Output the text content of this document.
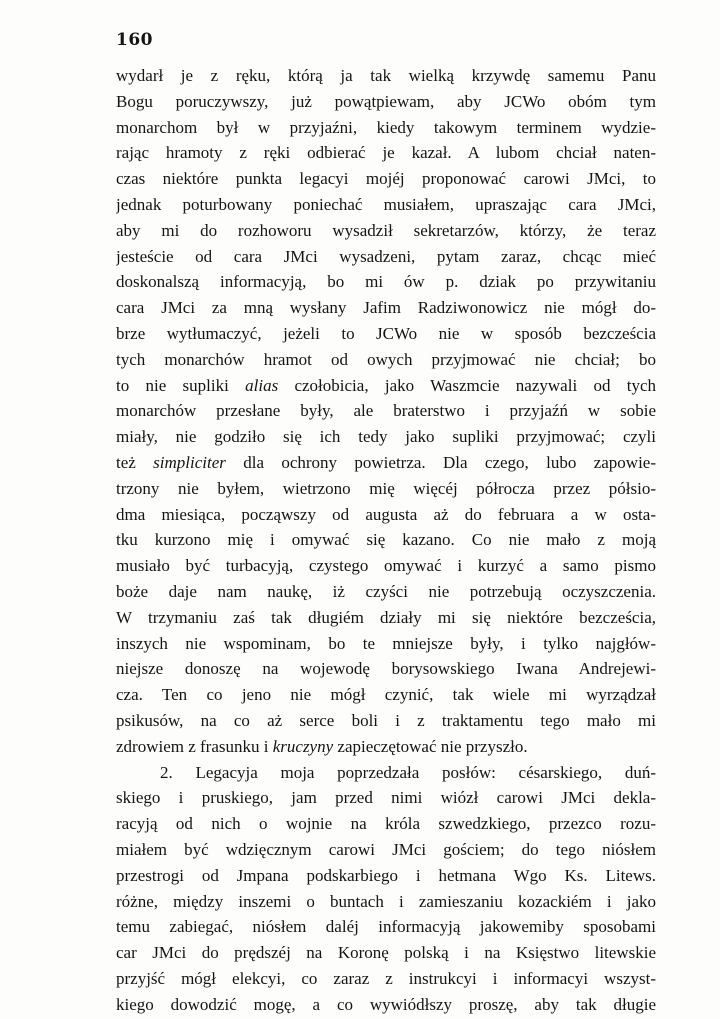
160
wydarł je z ręku, którą ja tak wielką krzywdę samemu Panu
Bogu poruczywszy, już powątpiewam, aby JCWo obóm tym
monarchom był w przyjaźni, kiedy takowym terminem wydzie-
rając hramoty z ręki odbierać je kazał. A lubom chciał naten-
czas niektóre punkta legacyi mojéj proponować carowi JMci, to
jednak poturbowany poniechać musiałem, upraszając cara JMci,
aby mi do rozhoworu wysadził sekretarzów, którzy, że teraz
jesteście od cara JMci wysadzeni, pytam zaraz, chcąc mieć
doskonalszą informacyją, bo mi ów p. dziak po przywitaniu
cara JMci za mną wysłany Jafim Radziwonowicz nie mógł do-
brze wytłumaczyć, jeżeli to JCWo nie w sposób bezcześcia
tych monarchów hramot od owych przyjmować nie chciał; bo
to nie supliki alias czołobicia, jako Waszmcie nazywali od tych
monarchów przesłane były, ale braterstwo i przyjaźń w sobie
miały, nie godziło się ich tedy jako supliki przyjmować; czyli
też simpliciter dla ochrony powietrza. Dla czego, lubo zapowie-
trzony nie byłem, wietrzono mię więcéj półrocza przez półsio-
dma miesiąca, począwszy od augusta aż do februara a w osta-
tku kurzono mię i omywać się kazano. Co nie mało z moją
musiało być turbacyją, czystego omywać i kurzyć a samo pismo
boże daje nam naukę, iż czyści nie potrzebują oczyszczenia.
W trzymaniu zaś tak długiém działy mi się niektóre bezcześcia,
inszych nie wspominam, bo te mniejsze były, i tylko najgłów-
niejsze donoszę na wojewodę borysowskiego Iwana Andrejewi-
cza. Ten co jeno nie mógł czynić, tak wiele mi wyrządzał
psikusów, na co aż serce boli i z traktamentu tego mało mi
zdrowiem z frasunku i kruczyny zapieczętować nie przyszło.
2. Legacyja moja poprzedzała posłów: césarskiego, duń-
skiego i pruskiego, jam przed nimi wiózł carowi JMci dekla-
racyją od nich o wojnie na króla szwedzkiego, przezco rozu-
miałem być wdzięcznym carowi JMci gościem; do tego niósłem
przestrogi od Jmpana podskarbiego i hetmana Wgo Ks. Litews.
różne, między inszemi o buntach i zamieszaniu kozackiém i jako
temu zabiegać, niósłem daléj informacyją jakowemiby sposobami
car JMci do prędszéj na Koronę polską i na Księstwo litewskie
przyjść mógł elekcyi, co zaraz z instrukcyi i informacyi wszyst-
kiego dowodzić mogę, a co wywiódłszy proszę, aby tak długie
